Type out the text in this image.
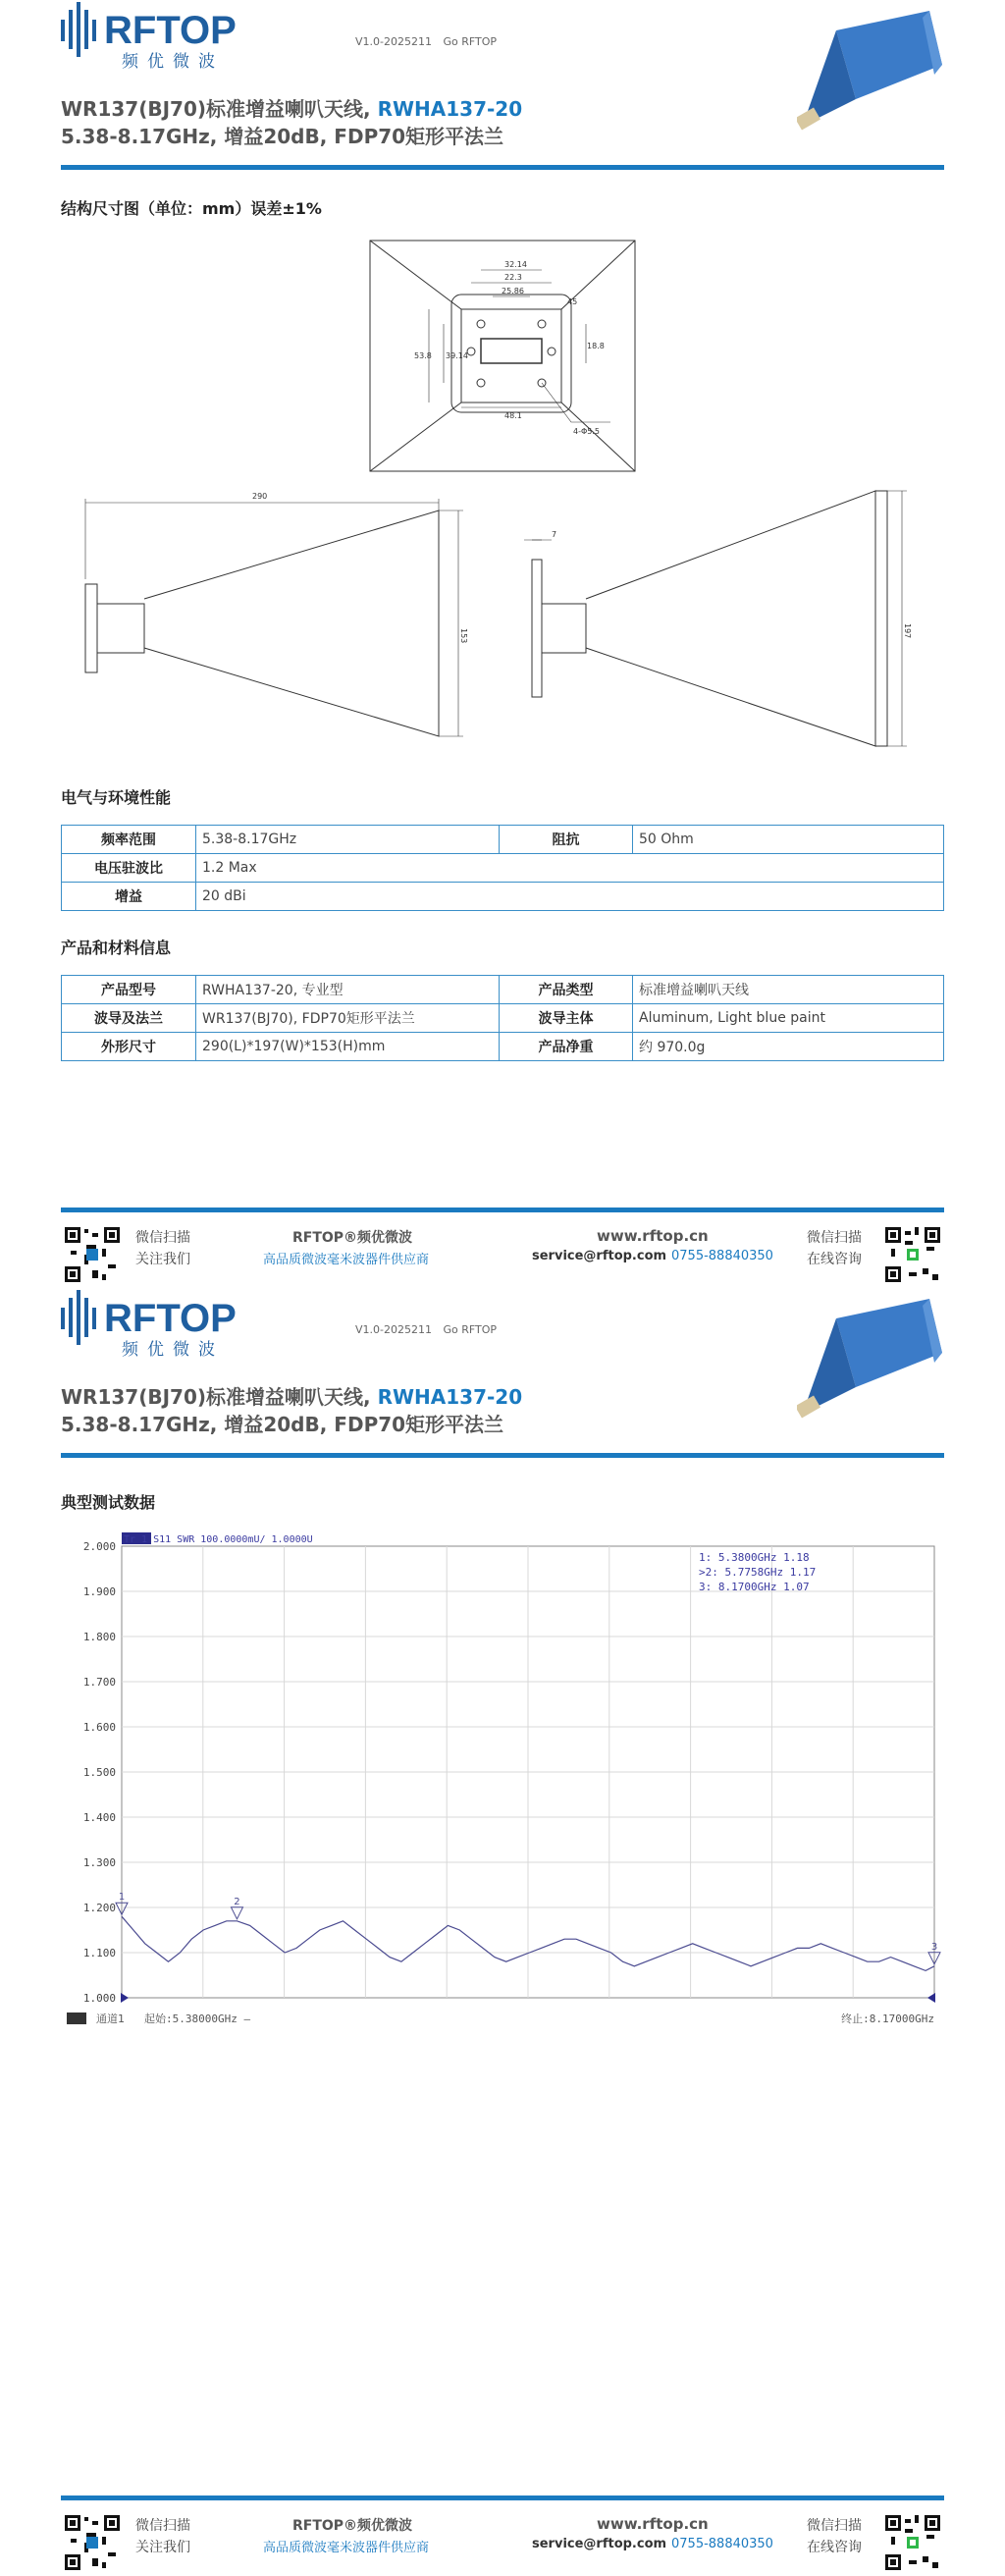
RFTOP
频优微波
V1.0-2025211 Go RFTOP
WR137(BJ70)标准增益喇叭天线, RWHA137-20
5.38-8.17GHz, 增益20dB, FDP70矩形平法兰
结构尺寸图（单位：mm）误差±1%
32.14
22.3
25.86
45
18.8
53.8 39.14
48.1
4-Φ5.5
290
153	197
7
电气与环境性能
频率范围	5.38-8.17GHz	阻抗	50 Ohm
电压驻波比	1.2 Max		
增益	20 dBi		
产品和材料信息
产品型号	RWHA137-20, 专业型	产品类型	标准增益喇叭天线
波导及法兰	WR137(BJ70), FDP70矩形平法兰	波导主体	Aluminum, Light blue paint
外形尺寸	290(L)*197(W)*153(H)mm	产品净重	约 970.0g
微信扫描
关注我们
RFTOP®频优微波
高品质微波毫米波器件供应商
www.rftop.cn
service@rftop.com 0755-88840350
微信扫描
在线咨询
RFTOP
频优微波
V1.0-2025211 Go RFTOP
WR137(BJ70)标准增益喇叭天线, RWHA137-20
5.38-8.17GHz, 增益20dB, FDP70矩形平法兰
典型测试数据
微信扫描
关注我们
RFTOP®频优微波
高品质微波毫米波器件供应商
www.rftop.cn
service@rftop.com 0755-88840350
微信扫描
在线咨询
2.000
1.900
1.800
1.700
1.600
1.500
1.400
1.300
1.200
1.100
1.000
Tr 1 S11 SWR 100.0000mU/ 1.0000U
1: 5.3800GHz 1.18
>2: 5.7758GHz 1.17
3: 8.1700GHz 1.07
1	2
3
通道1 起始:5.38000GHz —	终止:8.17000GHz
